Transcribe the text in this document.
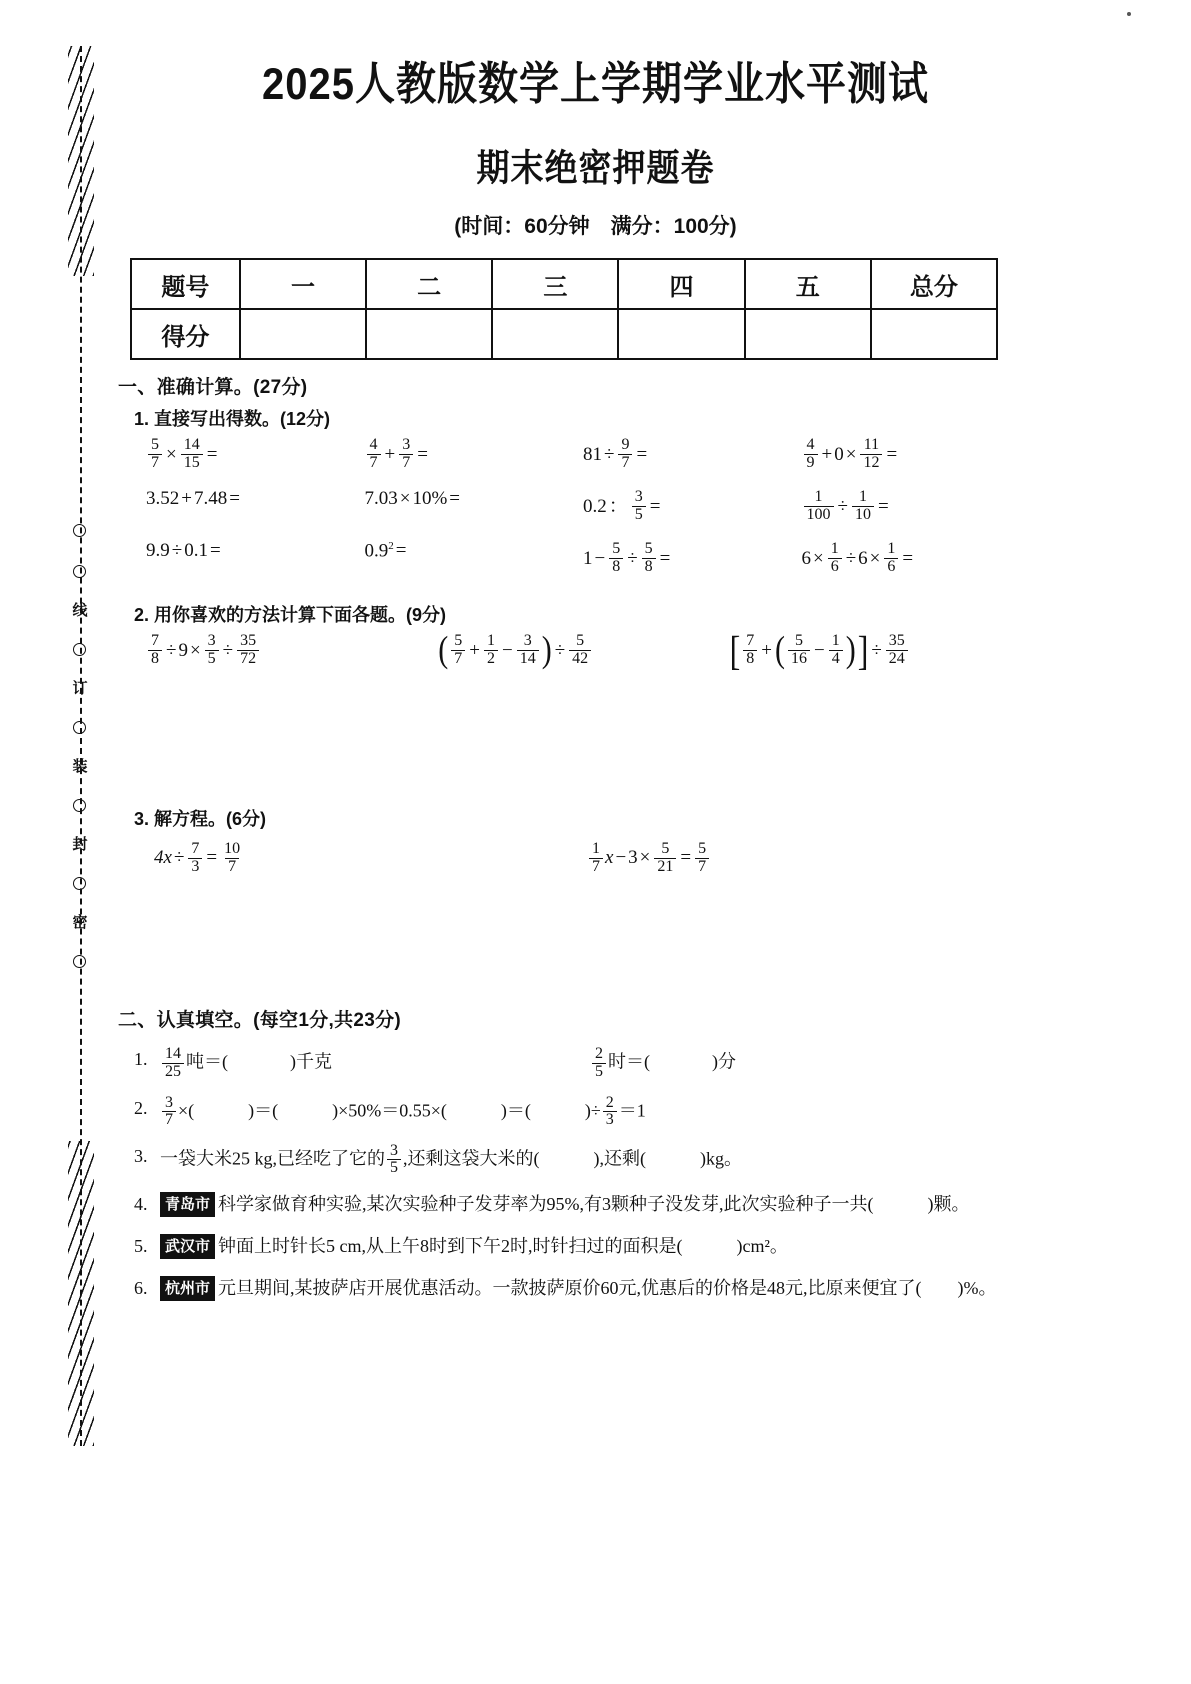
线
订
装
封
密
2025人教版数学上学期学业水平测试
期末绝密押题卷
(时间：60分钟　满分：100分)
题号	一	二	三	四	五	总分
得分						
一、准确计算。(27分)
1. 直接写出得数。(12分)
$\frac{5}{7} \times \frac{14}{15}$ =	$\frac{4}{7} + \frac{3}{7}$ =	$81 \div \frac{9}{7}$ =	$\frac{4}{9} + 0 \times \frac{11}{12}$ =
3.52 + 7.48 =	7.03 × 10% =	0.2 ： $\frac{3}{5}$ =	$\frac{1}{100} \div \frac{1}{10}$ =
9.9 ÷ 0.1 =	$0.9^2$ =	$1 - \frac{5}{8} \div \frac{5}{8}$ =	$6 \times \frac{1}{6} \div 6 \times \frac{1}{6}$ =
2. 用你喜欢的方法计算下面各题。(9分)
$\frac{7}{8} \div 9 \times \frac{3}{5} \div \frac{35}{72}$	( $\frac{5}{7} + \frac{1}{2} - \frac{3}{14}$ ) ÷ $\frac{5}{42}$	[ $\frac{7}{8}$ + ( $\frac{5}{16} - \frac{1}{4}$ ) ] ÷ $\frac{35}{24}$
3. 解方程。(6分)
$4x \div \frac{7}{3} = \frac{10}{7}$	$\frac{1}{7}$ $x - 3 \times \frac{5}{21} = \frac{5}{7}$
二、认真填空。(每空1分,共23分)
1. $\frac{14}{25}$ 吨＝(	)千克	$\frac{2}{5}$ 时＝(	)分
2. $\frac{3}{7}$ ×(　　　)＝(　　　)×50%＝0.55×(　　　)＝(　　　)÷ $\frac{2}{3} =1$
3. 一袋大米25 kg,已经吃了它的 $\frac{3}{5}$ ,还剩这袋大米的(　　　),还剩(　　　)kg。
4.	青岛市 科学家做育种实验,某次实验种子发芽率为95%,有3颗种子没发芽,此次实验种子一共(　　　)颗。
5.	武汉市 钟面上时针长5 cm,从上午8时到下午2时,时针扫过的面积是(　　　)cm²。
6.	杭州市 元旦期间,某披萨店开展优惠活动。一款披萨原价60元,优惠后的价格是48元,比原来便宜了(　　)%。
